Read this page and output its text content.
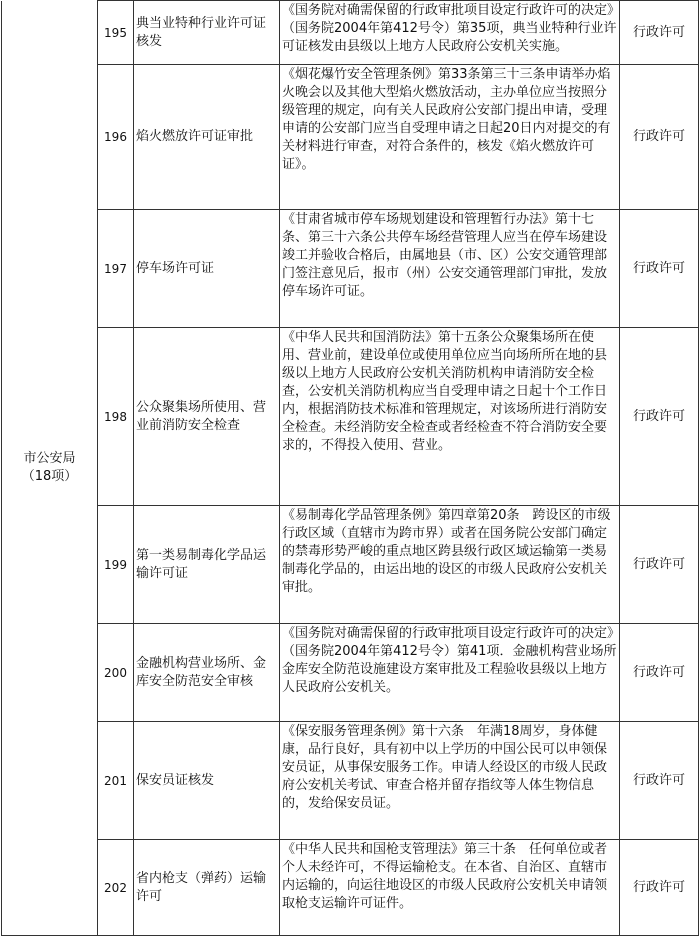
市公安局
（18项）	195	典当业特种行业许可证核发	《国务院对确需保留的行政审批项目设定行政许可的决定》（国务院2004年第412号令）第35项，典当业特种行业许可证核发由县级以上地方人民政府公安机关实施。	行政许可
	196	焰火燃放许可证审批	《烟花爆竹安全管理条例》第33条第三十三条申请举办焰火晚会以及其他大型焰火燃放活动，主办单位应当按照分级管理的规定，向有关人民政府公安部门提出申请，受理申请的公安部门应当自受理申请之日起20日内对提交的有关材料进行审查，对符合条件的，核发《焰火燃放许可证》。	行政许可
	197	停车场许可证	《甘肃省城市停车场规划建设和管理暂行办法》第十七条、第三十六条公共停车场经营管理人应当在停车场建设竣工并验收合格后，由属地县（市、区）公安交通管理部门签注意见后，报市（州）公安交通管理部门审批，发放停车场许可证。	行政许可
	198	公众聚集场所使用、营业前消防安全检查	《中华人民共和国消防法》第十五条公众聚集场所在使用、营业前，建设单位或使用单位应当向场所所在地的县级以上地方人民政府公安机关消防机构申请消防安全检查，公安机关消防机构应当自受理申请之日起十个工作日内，根据消防技术标准和管理规定，对该场所进行消防安全检查。未经消防安全检查或者经检查不符合消防安全要求的，不得投入使用、营业。	行政许可
	199	第一类易制毒化学品运输许可证	《易制毒化学品管理条例》第四章第20条　跨设区的市级行政区域（直辖市为跨市界）或者在国务院公安部门确定的禁毒形势严峻的重点地区跨县级行政区域运输第一类易制毒化学品的，由运出地的设区的市级人民政府公安机关审批。	行政许可
	200	金融机构营业场所、金库安全防范安全审核	《国务院对确需保留的行政审批项目设定行政许可的决定》（国务院2004年第412号令）第41项．金融机构营业场所金库安全防范设施建设方案审批及工程验收县级以上地方人民政府公安机关。	行政许可
	201	保安员证核发	《保安服务管理条例》第十六条　年满18周岁，身体健康，品行良好，具有初中以上学历的中国公民可以申领保安员证，从事保安服务工作。申请人经设区的市级人民政府公安机关考试、审查合格并留存指纹等人体生物信息的，发给保安员证。	行政许可
	202	省内枪支（弹药）运输许可	《中华人民共和国枪支管理法》第三十条　任何单位或者个人未经许可，不得运输枪支。在本省、自治区、直辖市内运输的，向运往地设区的市级人民政府公安机关申请领取枪支运输许可证件。	行政许可
